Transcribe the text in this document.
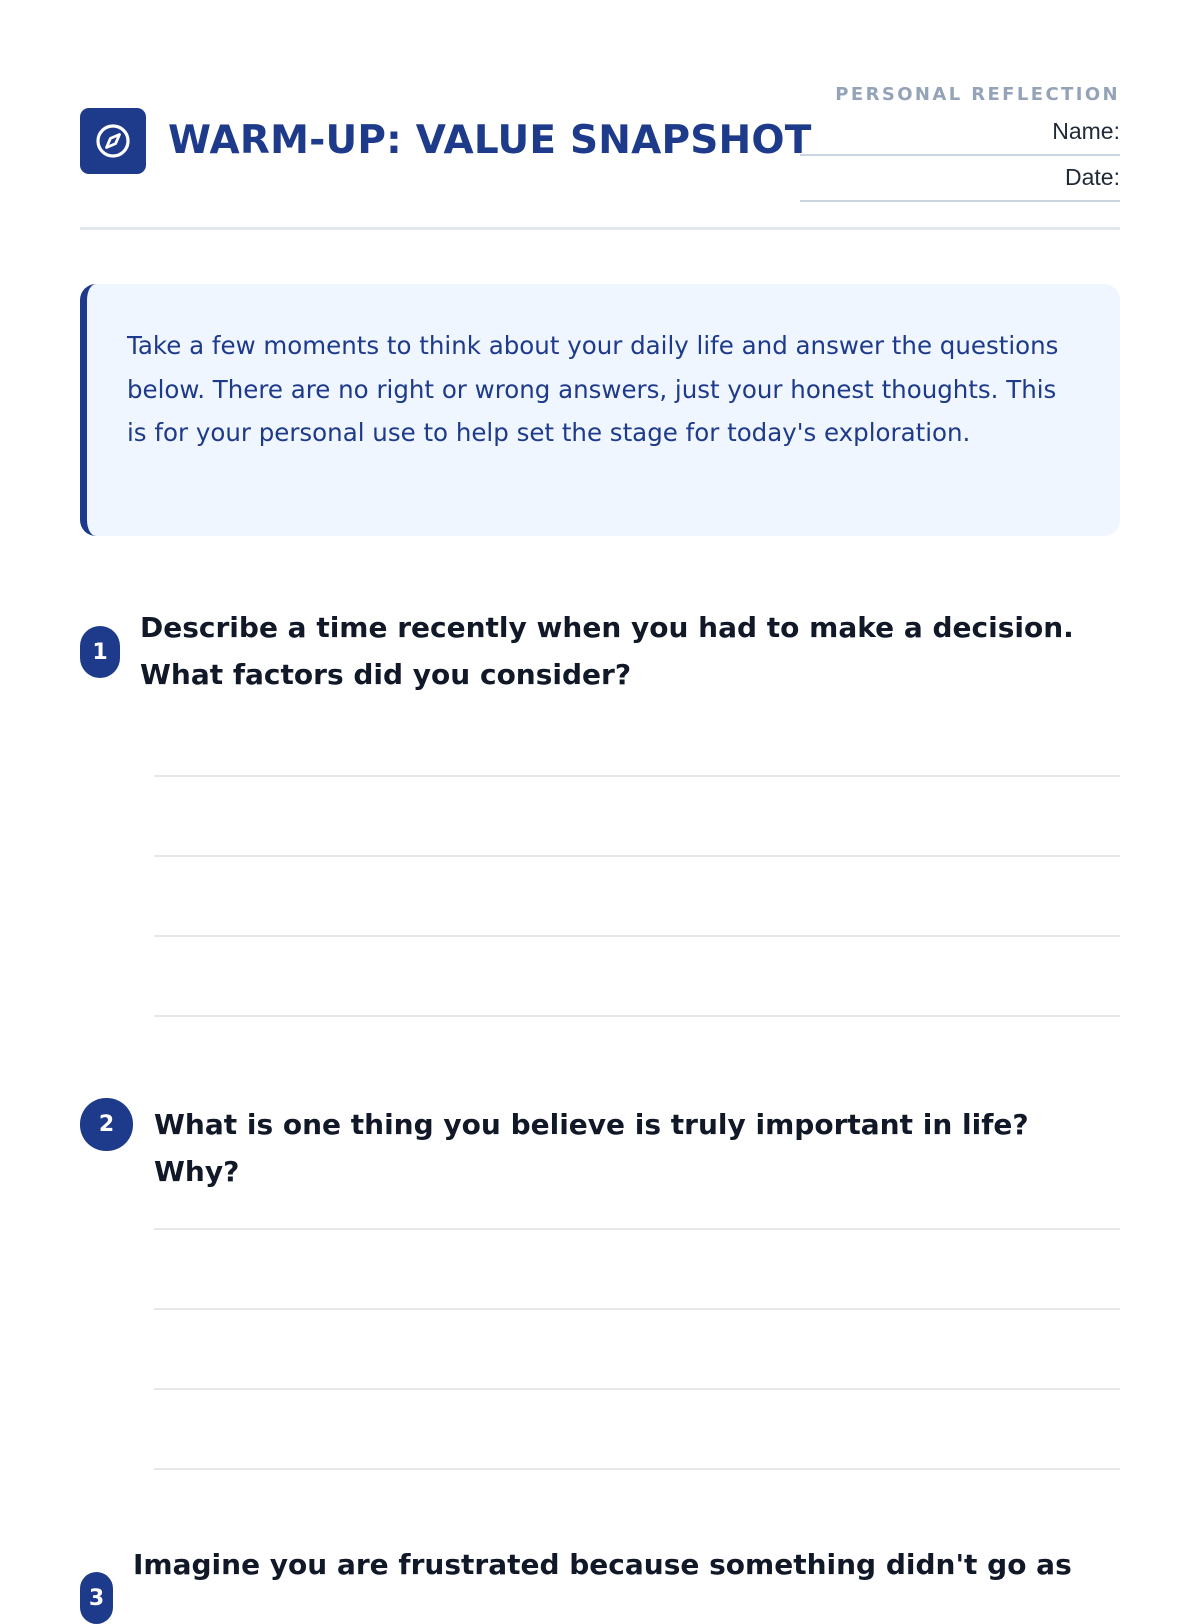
WARM-UP: VALUE SNAPSHOT
PERSONAL REFLECTION
Name:
Date:

Take a few moments to think about your daily life and answer the questions below. There are no right or wrong answers, just your honest thoughts. This is for your personal use to help set the stage for today's exploration.

1

Describe a time recently when you had to make a decision. What factors did you consider?

2	What is one thing you believe is truly important in life? Why?

3

Imagine you are frustrated because something didn't go as
